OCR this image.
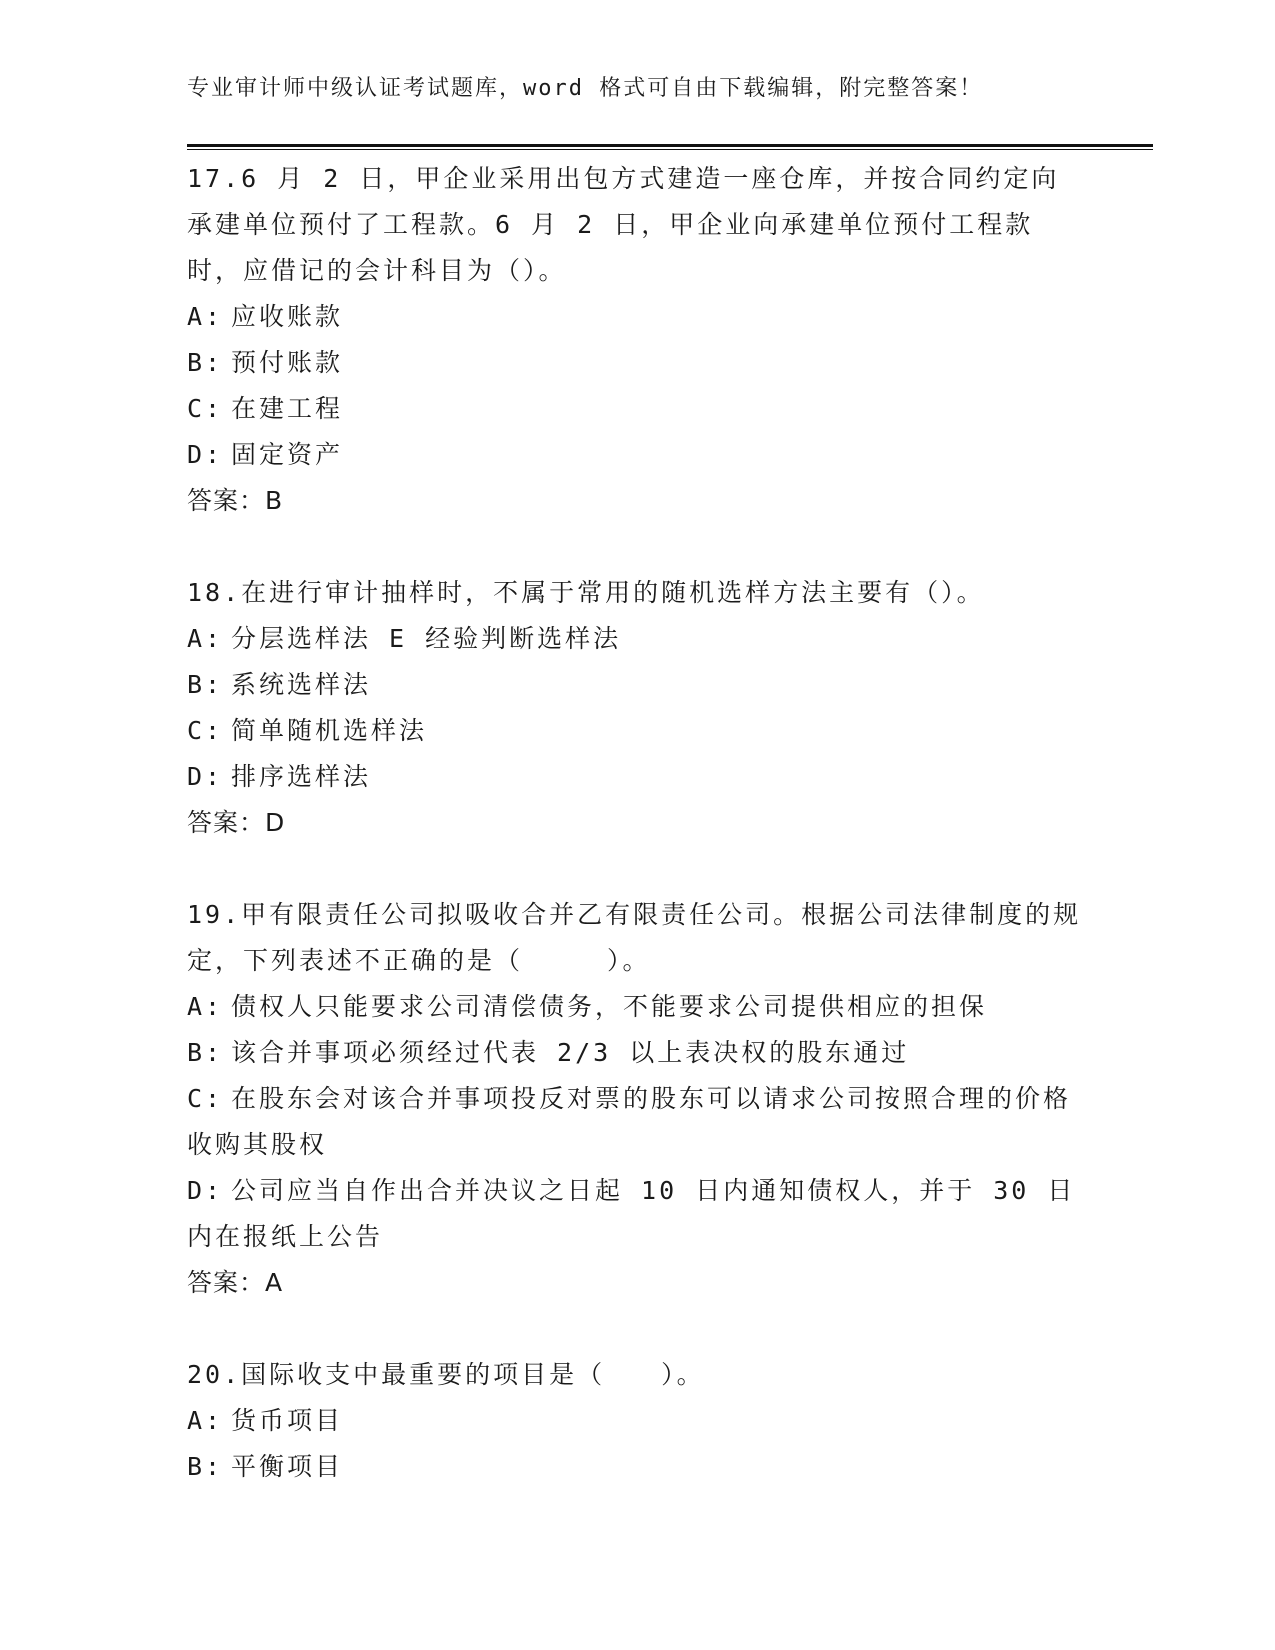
专业审计师中级认证考试题库，word 格式可自由下载编辑，附完整答案！

17.6 月 2 日，甲企业采用出包方式建造一座仓库，并按合同约定向承建单位预付了工程款。6 月 2 日，甲企业向承建单位预付工程款时，应借记的会计科目为（）。

A: 应收账款

B: 预付账款

C: 在建工程

D: 固定资产

答案：B

18.在进行审计抽样时，不属于常用的随机选样方法主要有（）。

A: 分层选样法 E 经验判断选样法

B: 系统选样法

C: 简单随机选样法

D: 排序选样法

答案：D

19.甲有限责任公司拟吸收合并乙有限责任公司。根据公司法律制度的规定，下列表述不正确的是（　　　）。

A: 债权人只能要求公司清偿债务，不能要求公司提供相应的担保

B: 该合并事项必须经过代表 2/3 以上表决权的股东通过

C: 在股东会对该合并事项投反对票的股东可以请求公司按照合理的价格收购其股权

D: 公司应当自作出合并决议之日起 10 日内通知债权人，并于 30 日内在报纸上公告

答案：A

20.国际收支中最重要的项目是（　　）。

A: 货币项目

B: 平衡项目
